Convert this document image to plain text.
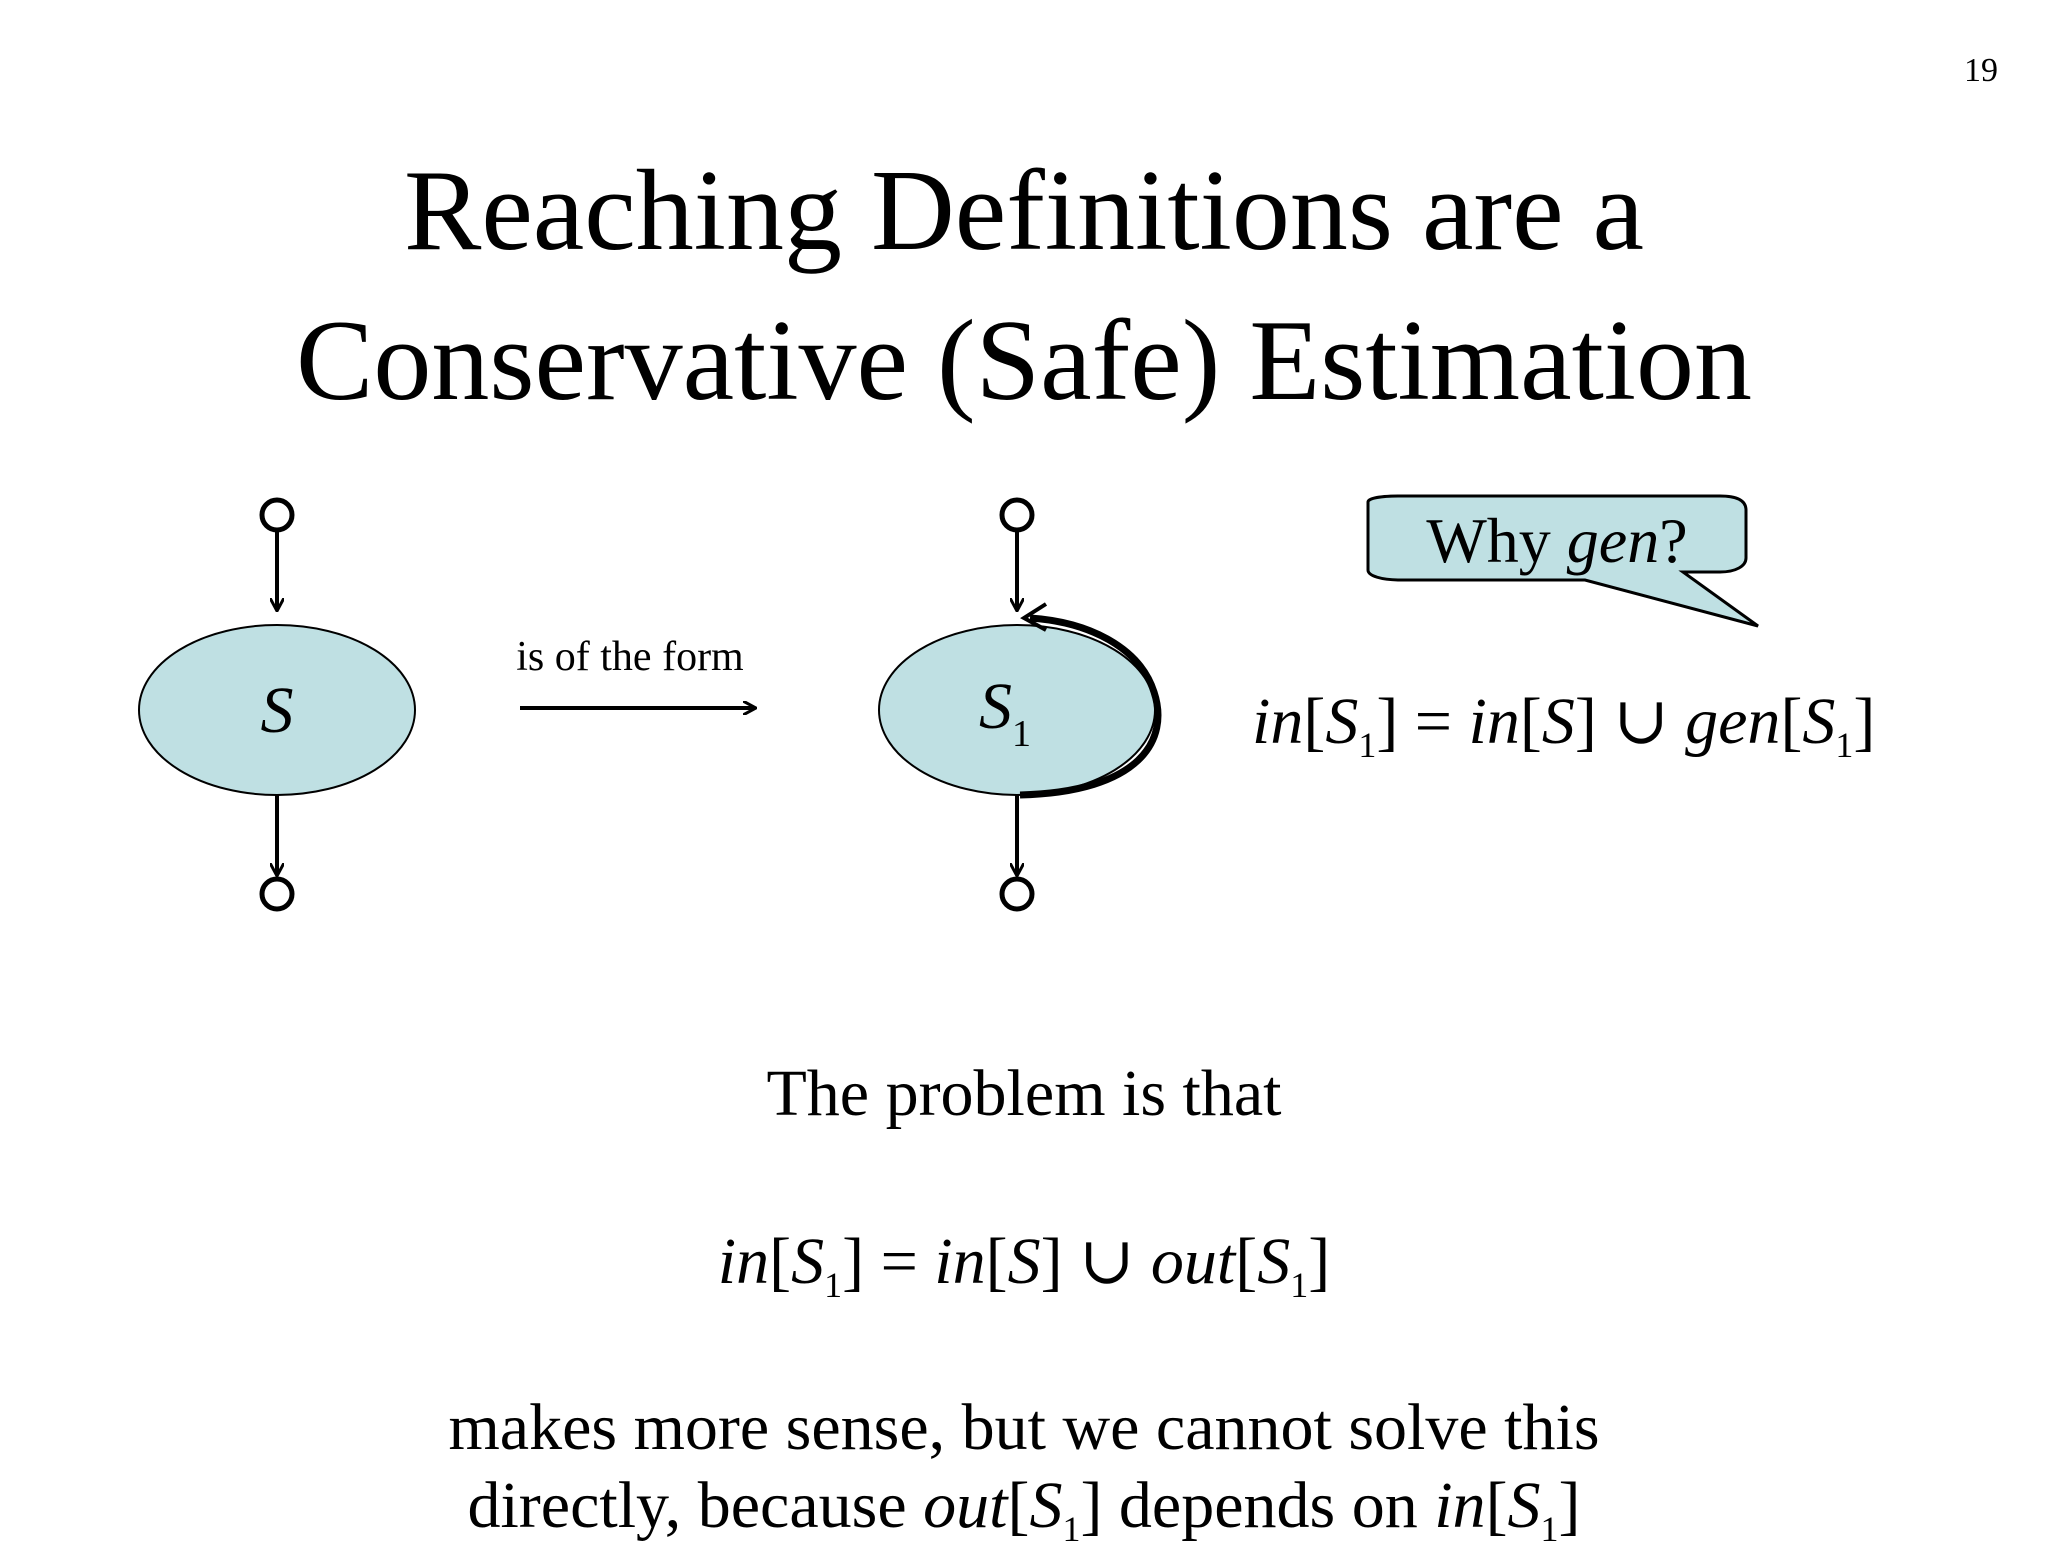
19
Reaching Definitions are a
Conservative (Safe) Estimation
S
is of the form
$S_1$
Why gen?
$in[S_1] = in[S]$ ∪ $gen[S_1]$
The problem is that
$in[S_1] = in[S]$ ∪ $out[S_1]$
makes more sense, but we cannot solve this
directly, because $out[S_1]$ depends on $in[S_1]$
